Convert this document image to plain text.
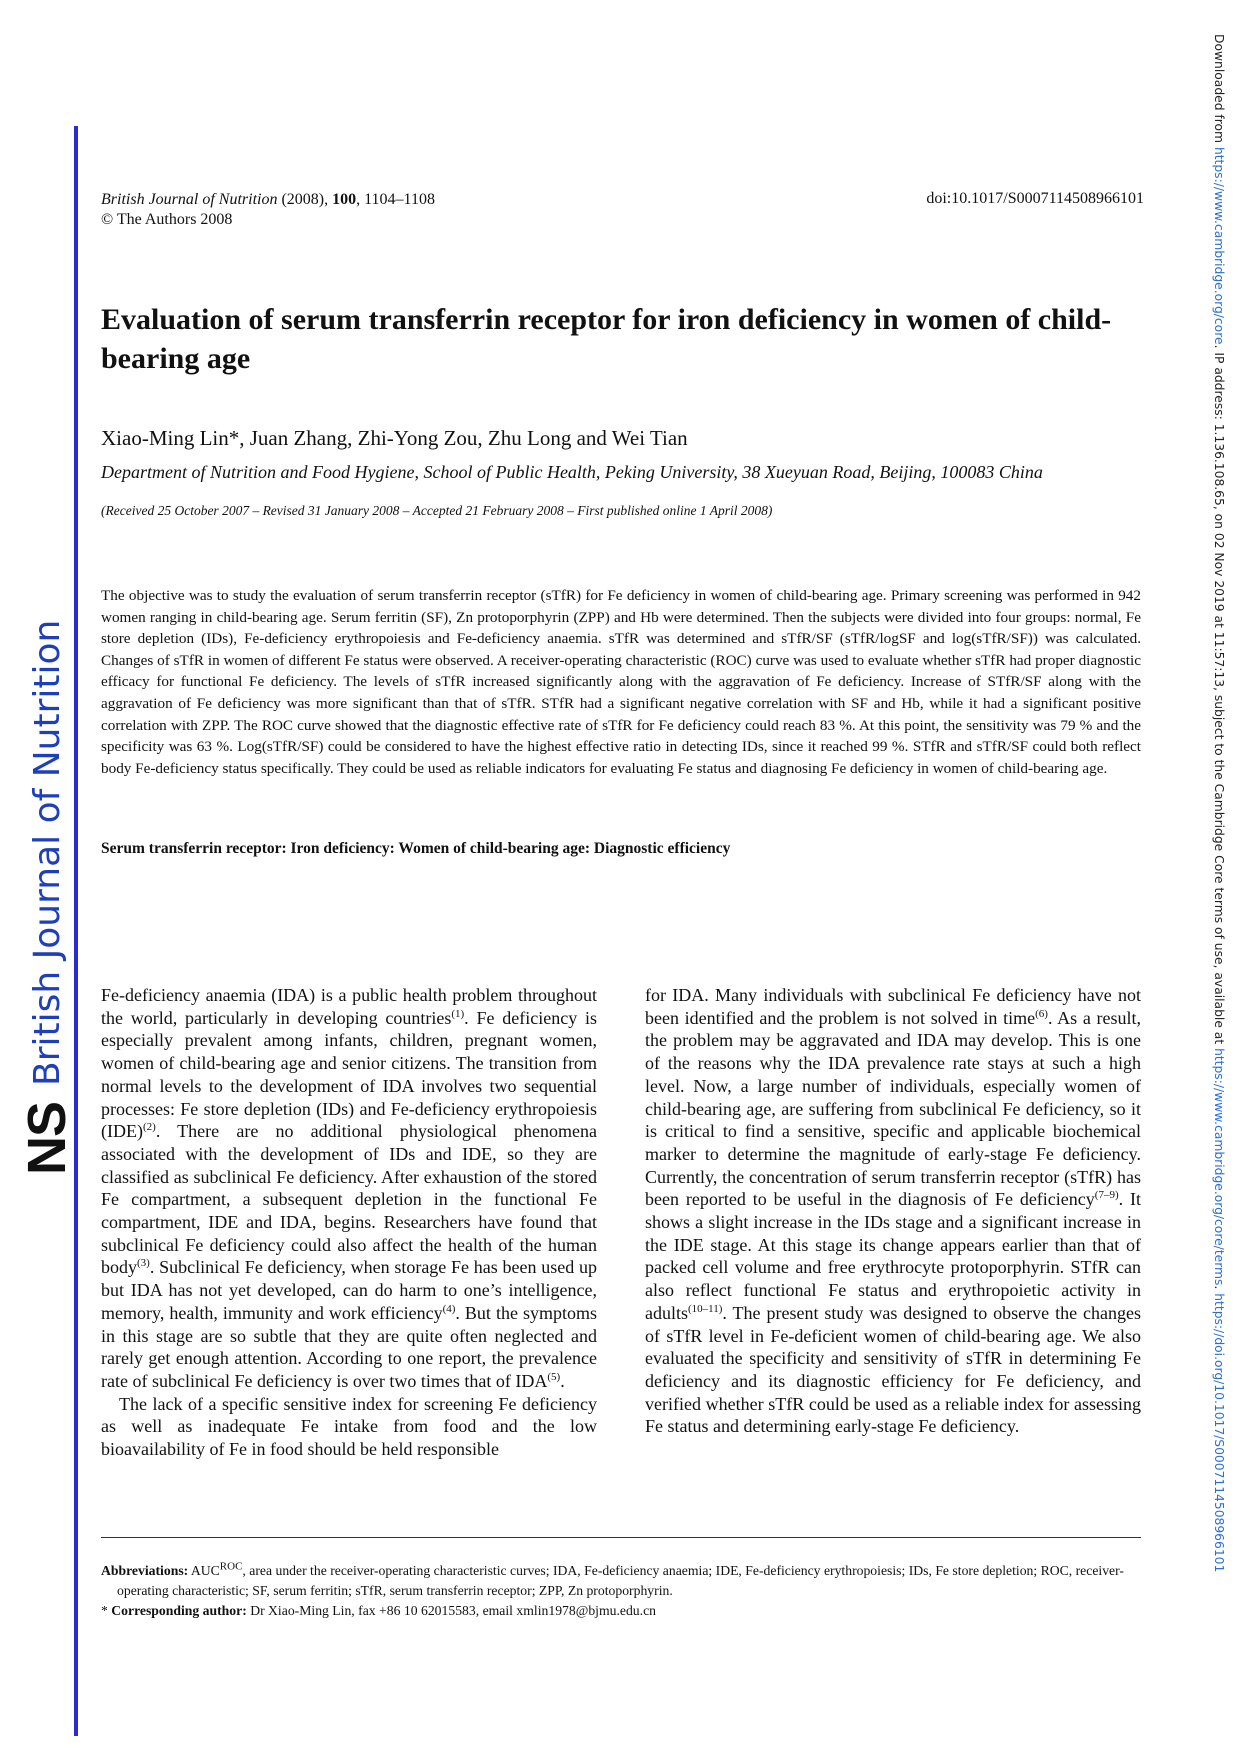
NS
British Journal of Nutrition
Downloaded from https://www.cambridge.org/core. IP address: 1.136.108.65, on 02 Nov 2019 at 11:57:13, subject to the Cambridge Core terms of use, available at https://www.cambridge.org/core/terms. https://doi.org/10.1017/S0007114508966101
British Journal of Nutrition (2008), 100, 1104–1108
© The Authors 2008
doi:10.1017/S0007114508966101
Evaluation of serum transferrin receptor for iron deficiency in women of child-bearing age
Xiao-Ming Lin*, Juan Zhang, Zhi-Yong Zou, Zhu Long and Wei Tian
Department of Nutrition and Food Hygiene, School of Public Health, Peking University, 38 Xueyuan Road, Beijing, 100083 China
(Received 25 October 2007 – Revised 31 January 2008 – Accepted 21 February 2008 – First published online 1 April 2008)

The objective was to study the evaluation of serum transferrin receptor (sTfR) for Fe deficiency in women of child-bearing age. Primary screening was performed in 942 women ranging in child-bearing age. Serum ferritin (SF), Zn protoporphyrin (ZPP) and Hb were determined. Then the subjects were divided into four groups: normal, Fe store depletion (IDs), Fe-deficiency erythropoiesis and Fe-deficiency anaemia. sTfR was determined and sTfR/SF (sTfR/logSF and log(sTfR/SF)) was calculated. Changes of sTfR in women of different Fe status were observed. A receiver-operating characteristic (ROC) curve was used to evaluate whether sTfR had proper diagnostic efficacy for functional Fe deficiency. The levels of sTfR increased significantly along with the aggravation of Fe deficiency. Increase of STfR/SF along with the aggravation of Fe deficiency was more significant than that of sTfR. STfR had a significant negative correlation with SF and Hb, while it had a significant positive correlation with ZPP. The ROC curve showed that the diagnostic effective rate of sTfR for Fe deficiency could reach 83 %. At this point, the sensitivity was 79 % and the specificity was 63 %. Log(sTfR/SF) could be considered to have the highest effective ratio in detecting IDs, since it reached 99 %. STfR and sTfR/SF could both reflect body Fe-deficiency status specifically. They could be used as reliable indicators for evaluating Fe status and diagnosing Fe deficiency in women of child-bearing age.

Serum transferrin receptor: Iron deficiency: Women of child-bearing age: Diagnostic efficiency

Fe-deficiency anaemia (IDA) is a public health problem throughout the world, particularly in developing countries$^{(1)}$. Fe deficiency is especially prevalent among infants, children, pregnant women, women of child-bearing age and senior citizens. The transition from normal levels to the development of IDA involves two sequential processes: Fe store depletion (IDs) and Fe-deficiency erythropoiesis (IDE)$^{(2)}$. There are no additional physiological phenomena associated with the development of IDs and IDE, so they are classified as subclinical Fe deficiency. After exhaustion of the stored Fe compartment, a subsequent depletion in the functional Fe compartment, IDE and IDA, begins. Researchers have found that subclinical Fe deficiency could also affect the health of the human body$^{(3)}$. Subclinical Fe deficiency, when storage Fe has been used up but IDA has not yet developed, can do harm to one’s intelligence, memory, health, immunity and work efficiency$^{(4)}$. But the symptoms in this stage are so subtle that they are quite often neglected and rarely get enough attention. According to one report, the prevalence rate of subclinical Fe deficiency is over two times that of IDA$^{(5)}$.

The lack of a specific sensitive index for screening Fe deficiency as well as inadequate Fe intake from food and the low bioavailability of Fe in food should be held responsible

for IDA. Many individuals with subclinical Fe deficiency have not been identified and the problem is not solved in time$^{(6)}$. As a result, the problem may be aggravated and IDA may develop. This is one of the reasons why the IDA prevalence rate stays at such a high level. Now, a large number of individuals, especially women of child-bearing age, are suffering from subclinical Fe deficiency, so it is critical to find a sensitive, specific and applicable biochemical marker to determine the magnitude of early-stage Fe deficiency. Currently, the concentration of serum transferrin receptor (sTfR) has been reported to be useful in the diagnosis of Fe deficiency$^{(7-9)}$. It shows a slight increase in the IDs stage and a significant increase in the IDE stage. At this stage its change appears earlier than that of packed cell volume and free erythrocyte protoporphyrin. STfR can also reflect functional Fe status and erythropoietic activity in adults$^{(10-11)}$. The present study was designed to observe the changes of sTfR level in Fe-deficient women of child-bearing age. We also evaluated the specificity and sensitivity of sTfR in determining Fe deficiency and its diagnostic efficiency for Fe deficiency, and verified whether sTfR could be used as a reliable index for assessing Fe status and determining early-stage Fe deficiency.

Abbreviations: $AUC^{ROC}$, area under the receiver-operating characteristic curves; IDA, Fe-deficiency anaemia; IDE, Fe-deficiency erythropoiesis; IDs, Fe store depletion; ROC, receiver-operating characteristic; SF, serum ferritin; sTfR, serum transferrin receptor; ZPP, Zn protoporphyrin.

* Corresponding author: Dr Xiao-Ming Lin, fax +86 10 62015583, email xmlin1978@bjmu.edu.cn
